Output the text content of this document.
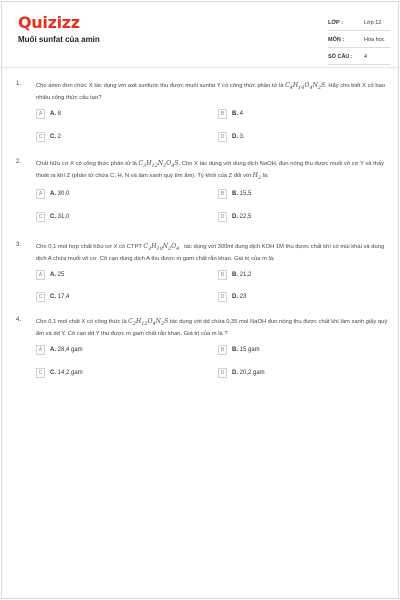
Quizizz
Muối sunfat của amin
LỚP :	Lớp 12
MÔN :	Hóa học
SỐ CÂU : 4
1.	Cho amin đơn chức X tác dụng với axit sunfuric thu được muối sunfat Y có công thức phân tử là $C_4H_{14}O_4N_2S$. Hãy cho biết X có bao nhiêu công thức cấu tạo?
A	A. 8	B	B. 4
C	C. 2	D	D. 3.
2.	Chất hữu cơ X có công thức phân tử là $C_3H_{12}N_2O_4S$. Cho X tác dụng với dung dịch NaOH, đun nóng thu được muối vô cơ Y và thấy thoát ra khí Z (phân tử chứa C, H, N và làm xanh quỳ tím ẩm). Tỷ khối của Z đối với $H_2$ là:
A	A. 30,0	B	B. 15,5
C	C. 31,0	D	D. 22,5
3.	Cho 0,1 mol hợp chất hữu cơ X có CTPT $C_3H_{10}N_2O_4$   tác dụng với 300ml dung dịch KOH 1M thu được chất khí có mùi khai và dung dịch A chứa muối vô cơ. Cô cạn dung dịch A thu được m gam chất rắn khan. Giá trị của m là:
A	A. 25	B	B. 21,2
C	C. 17,4	D	D. 23
4.	Cho 0,1 mol chất X có công thức là $C_2H_{12}O_4N_2S$ tác dụng với dd chứa 0,35 mol NaOH đun nóng thu được chất khí làm xanh giấy quỳ ẩm và dd Y. Cô cạn dd Y thu được m gam chất rắn khan. Giá trị của m là ?
A	A. 28,4 gam	B	B. 15 gam
C	C. 14,2 gam	D	D. 20,2 gam
